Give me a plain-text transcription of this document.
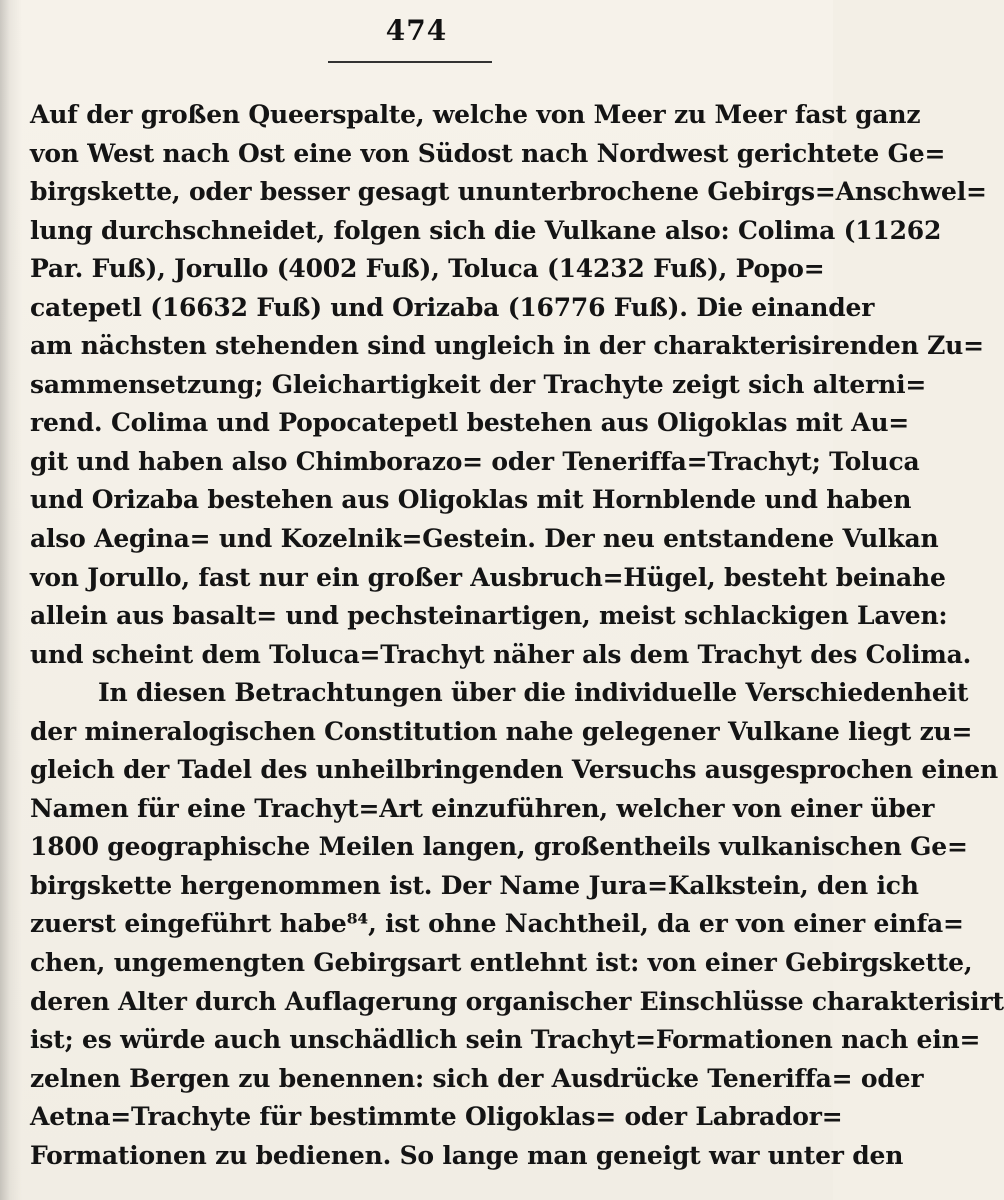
474
Auf der großen Queerspalte, welche von Meer zu Meer fast ganz
von West nach Ost eine von Südost nach Nordwest gerichtete Ge=
birgskette, oder besser gesagt ununterbrochene Gebirgs=Anschwel=
lung durchschneidet, folgen sich die Vulkane also: Colima (11262
Par. Fuß), Jorullo (4002 Fuß), Toluca (14232 Fuß), Popo=
catepetl (16632 Fuß) und Orizaba (16776 Fuß). Die einander
am nächsten stehenden sind ungleich in der charakterisirenden Zu=
sammensetzung; Gleichartigkeit der Trachyte zeigt sich alterni=
rend. Colima und Popocatepetl bestehen aus Oligoklas mit Au=
git und haben also Chimborazo= oder Teneriffa=Trachyt; Toluca
und Orizaba bestehen aus Oligoklas mit Hornblende und haben
also Aegina= und Kozelnik=Gestein. Der neu entstandene Vulkan
von Jorullo, fast nur ein großer Ausbruch=Hügel, besteht beinahe
allein aus basalt= und pechsteinartigen, meist schlackigen Laven:
und scheint dem Toluca=Trachyt näher als dem Trachyt des Colima.
In diesen Betrachtungen über die individuelle Verschiedenheit
der mineralogischen Constitution nahe gelegener Vulkane liegt zu=
gleich der Tadel des unheilbringenden Versuchs ausgesprochen einen
Namen für eine Trachyt=Art einzuführen, welcher von einer über
1800 geographische Meilen langen, großentheils vulkanischen Ge=
birgskette hergenommen ist. Der Name Jura=Kalkstein, den ich
zuerst eingeführt habe⁸⁴, ist ohne Nachtheil, da er von einer einfa=
chen, ungemengten Gebirgsart entlehnt ist: von einer Gebirgskette,
deren Alter durch Auflagerung organischer Einschlüsse charakterisirt
ist; es würde auch unschädlich sein Trachyt=Formationen nach ein=
zelnen Bergen zu benennen: sich der Ausdrücke Teneriffa= oder
Aetna=Trachyte für bestimmte Oligoklas= oder Labrador=
Formationen zu bedienen. So lange man geneigt war unter den
